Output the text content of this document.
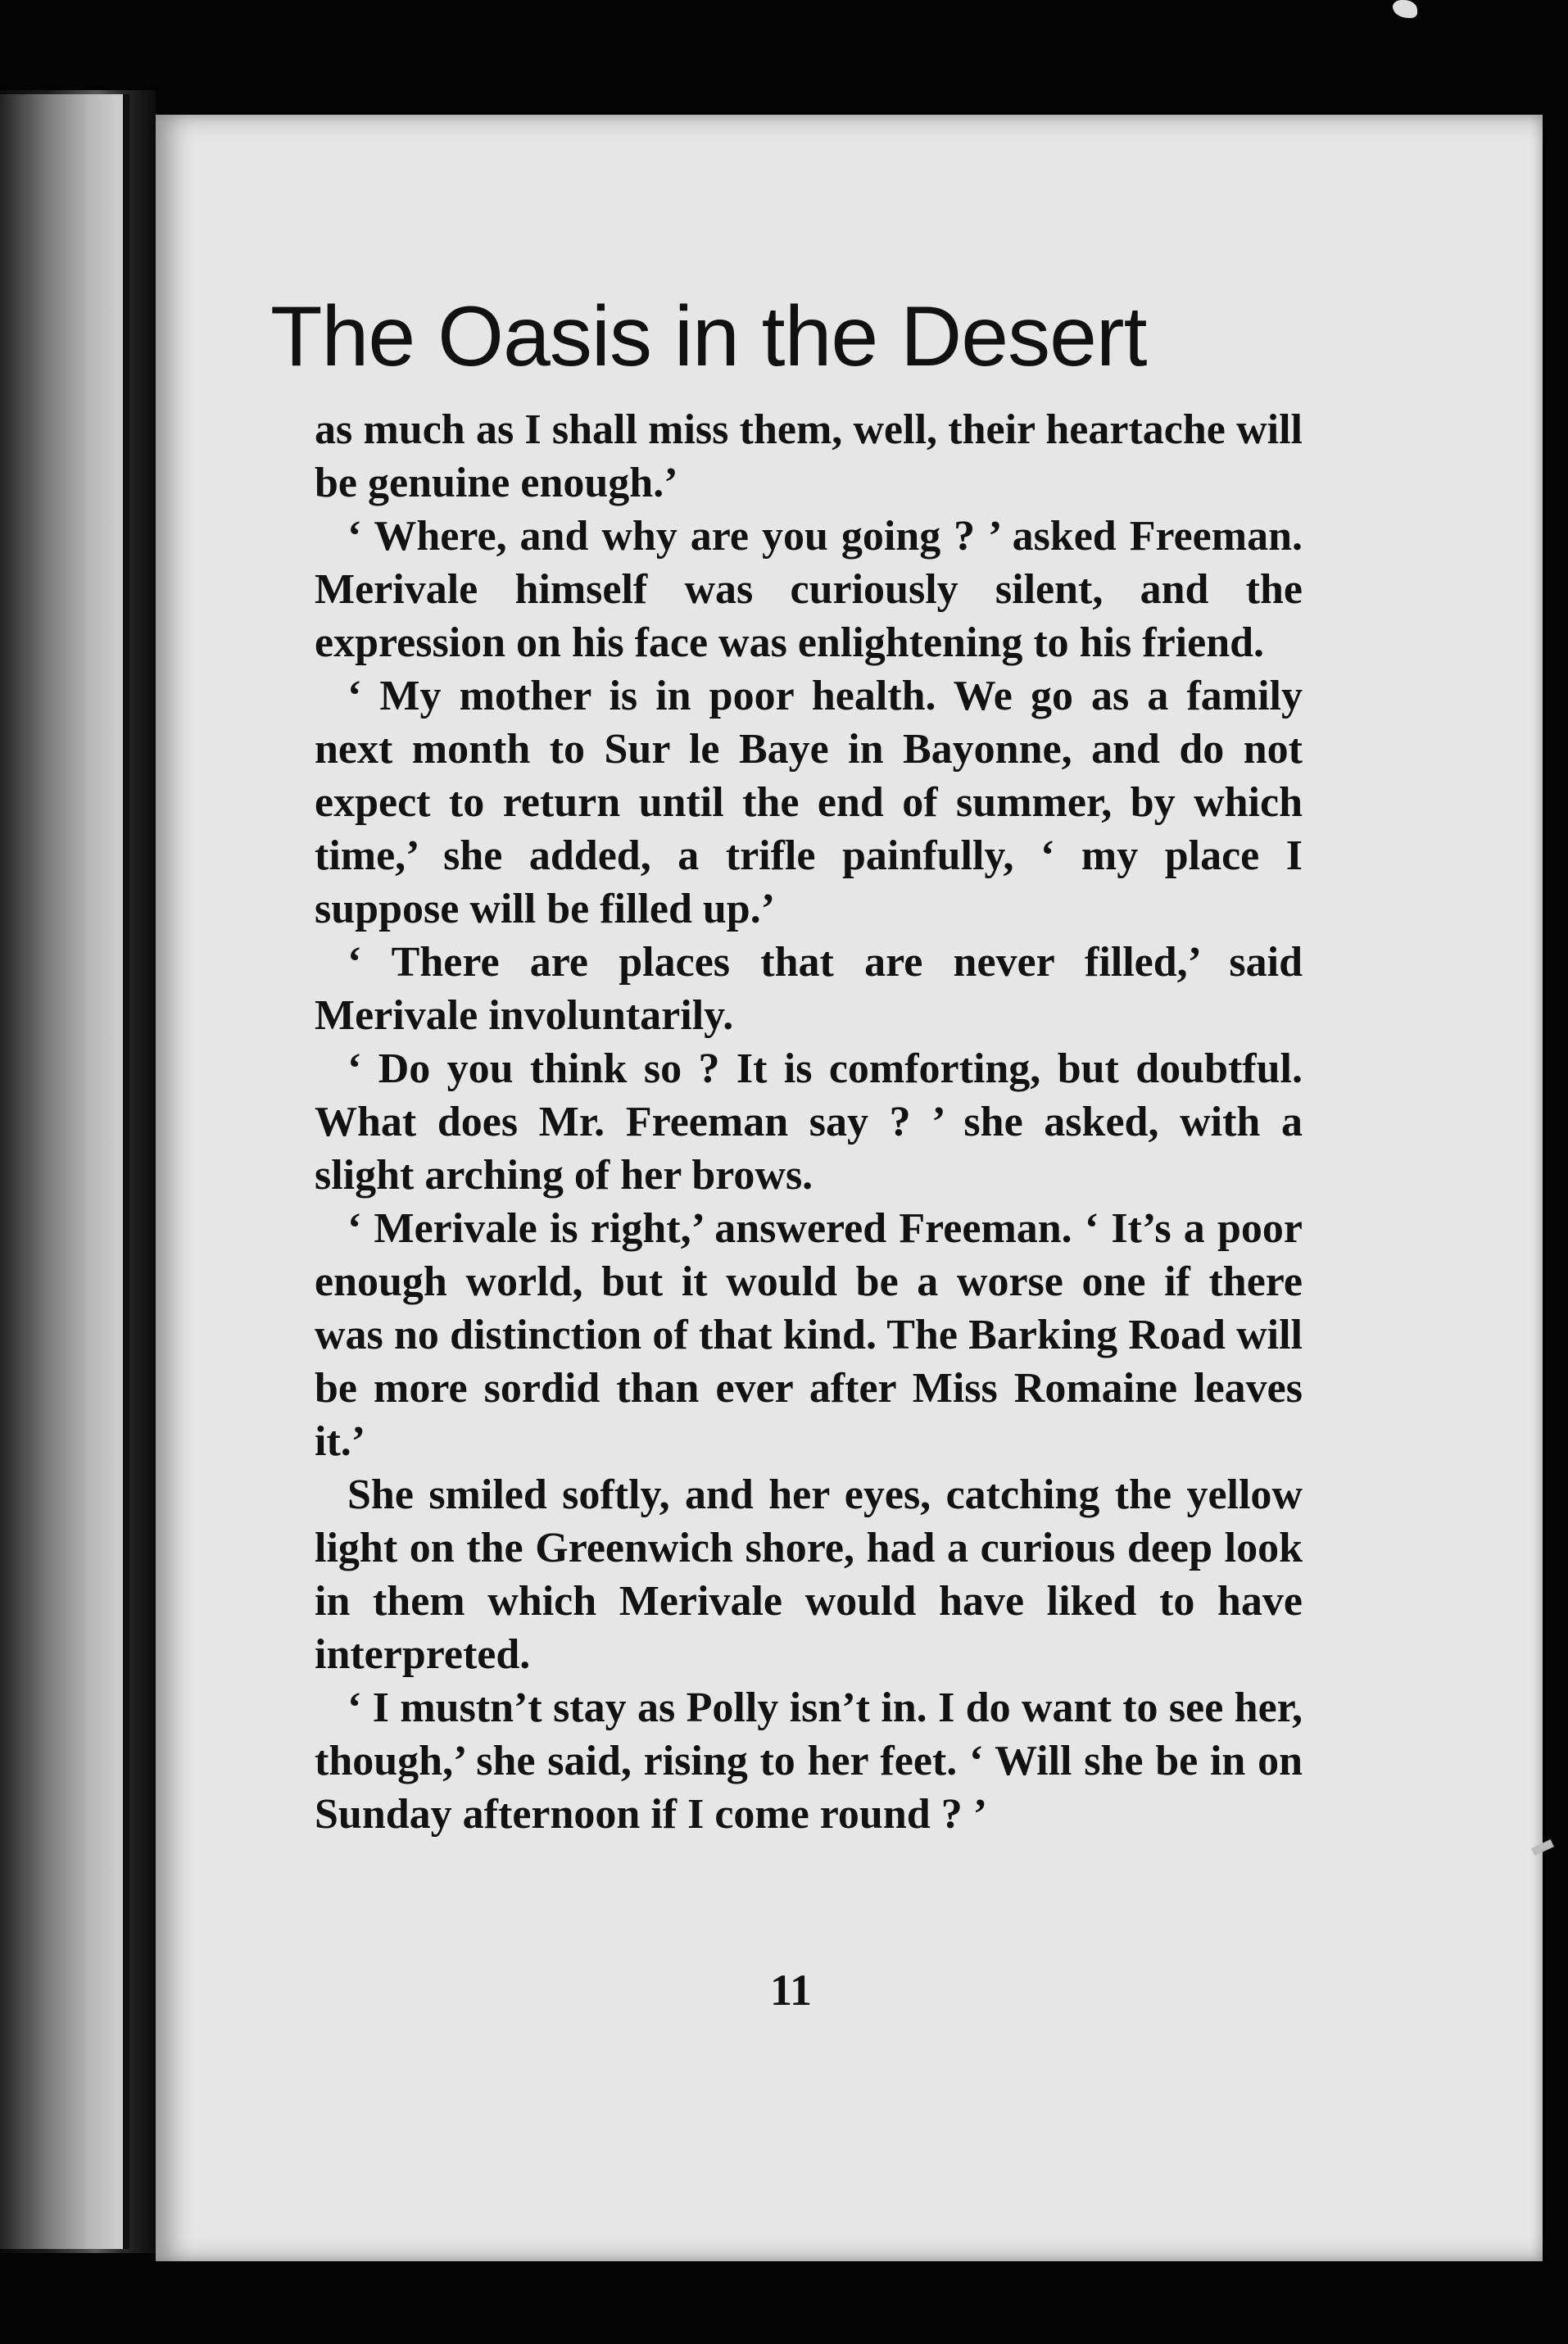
The Oasis in the Desert

as much as I shall miss them, well, their heartache will be genuine enough.’

‘ Where, and why are you going ? ’ asked Freeman. Merivale himself was curiously silent, and the expression on his face was enlightening to his friend.

‘ My mother is in poor health. We go as a family next month to Sur le Baye in Bayonne, and do not expect to return until the end of summer, by which time,’ she added, a trifle painfully, ‘ my place I suppose will be filled up.’

‘ There are places that are never filled,’ said Merivale involuntarily.

‘ Do you think so ? It is comforting, but doubtful. What does Mr. Freeman say ? ’ she asked, with a slight arching of her brows.

‘ Merivale is right,’ answered Freeman. ‘ It’s a poor enough world, but it would be a worse one if there was no distinction of that kind. The Barking Road will be more sordid than ever after Miss Romaine leaves it.’

She smiled softly, and her eyes, catching the yellow light on the Greenwich shore, had a curious deep look in them which Merivale would have liked to have interpreted.

‘ I mustn’t stay as Polly isn’t in. I do want to see her, though,’ she said, rising to her feet. ‘ Will she be in on Sunday afternoon if I come round ? ’

11
